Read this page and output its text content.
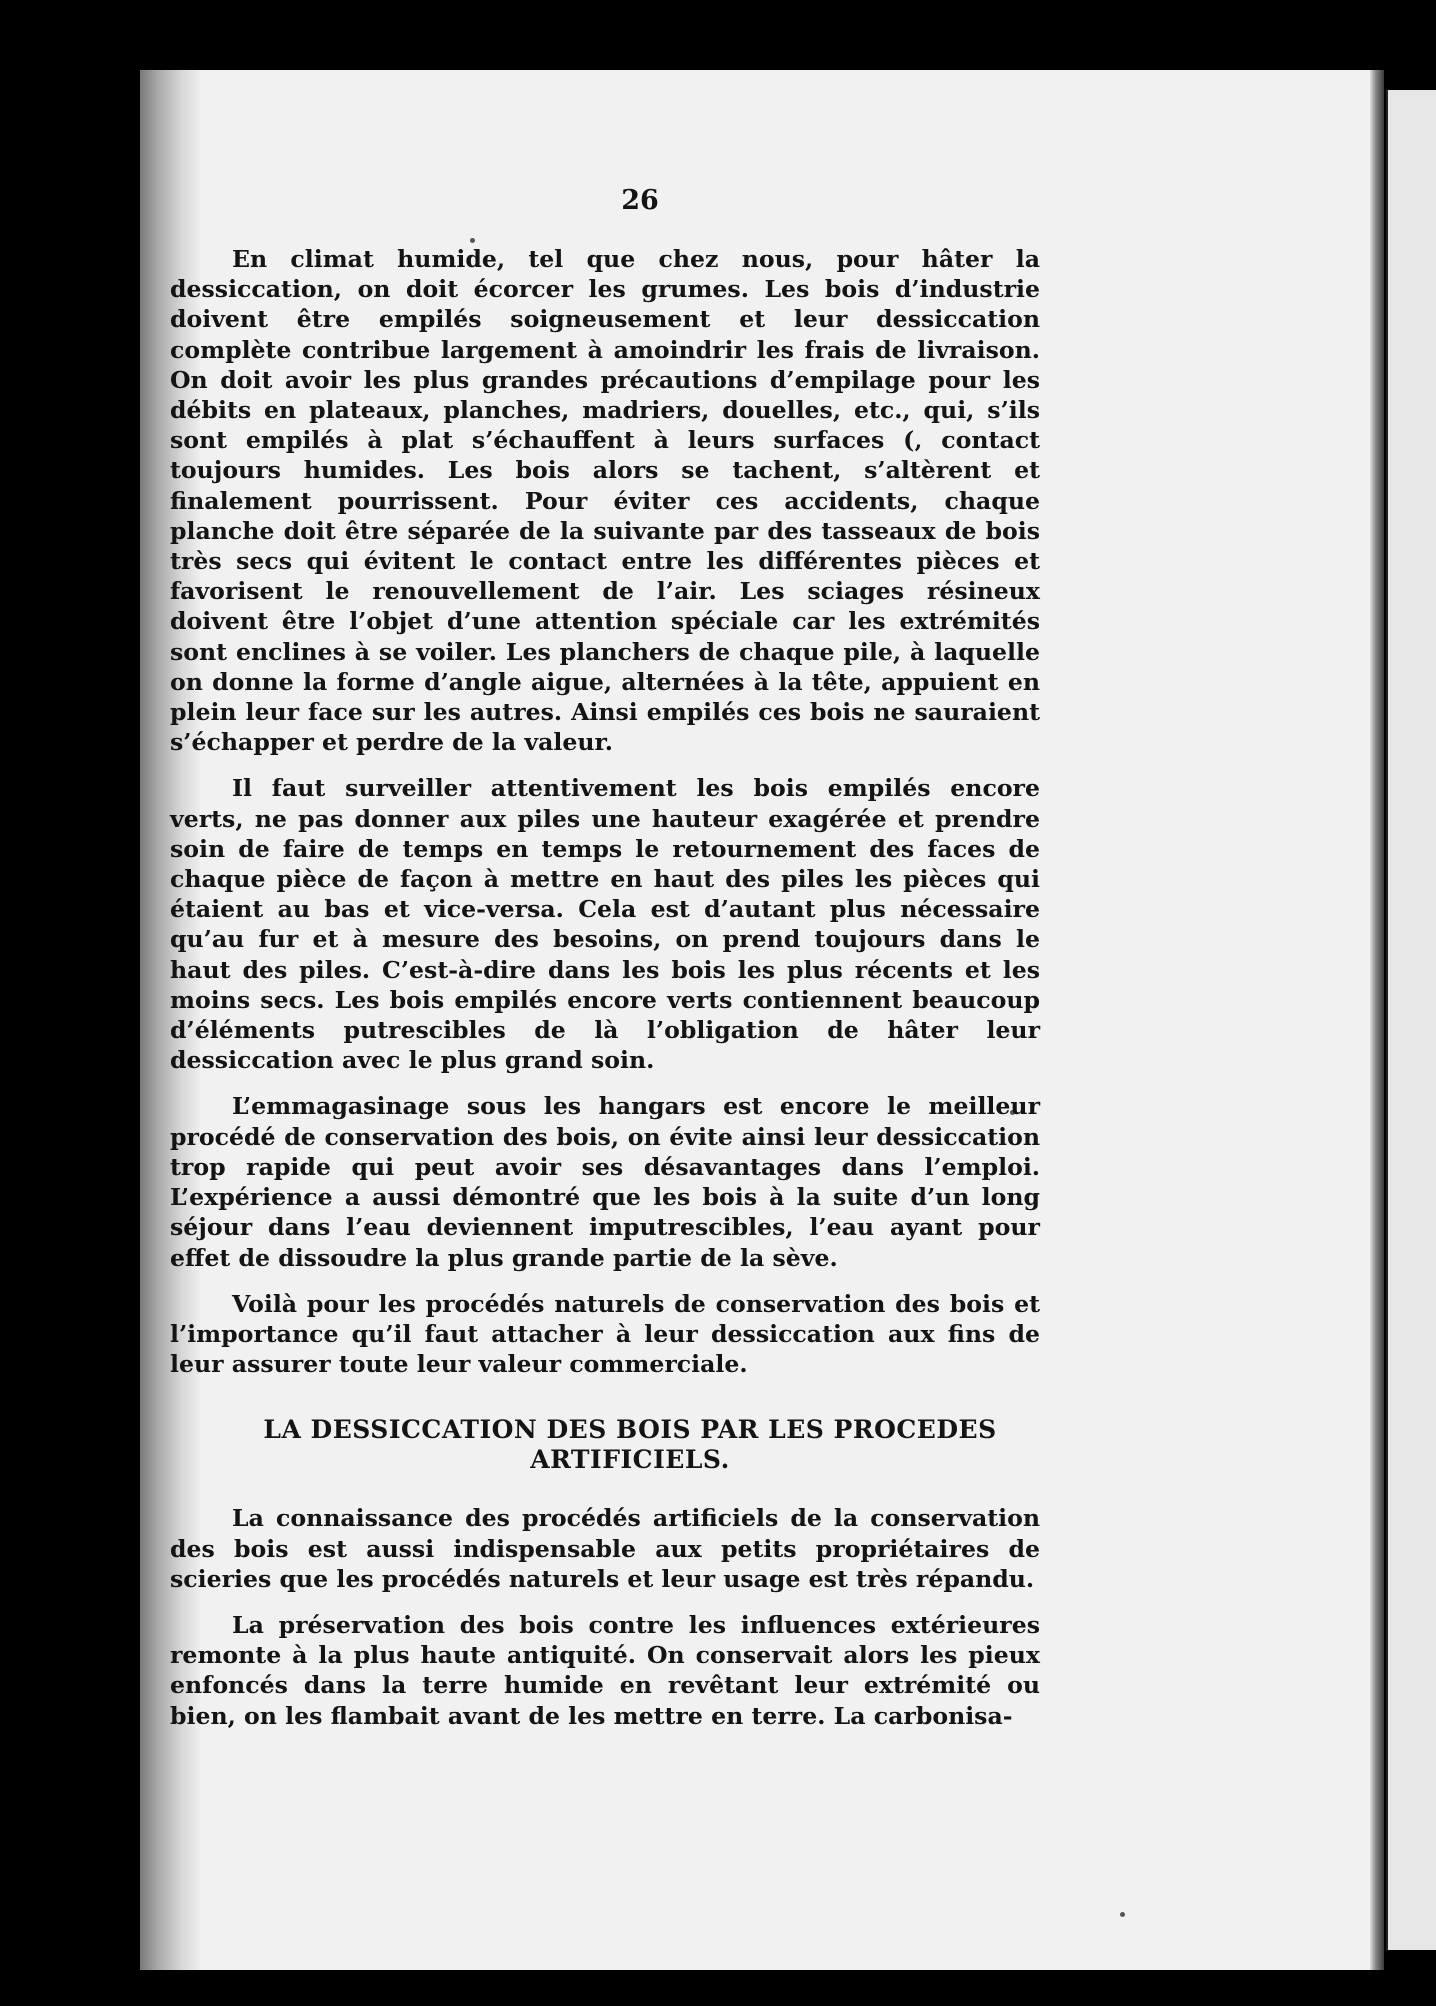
26

En climat humide, tel que chez nous, pour hâter la dessiccation, on doit écorcer les grumes. Les bois d’industrie doivent être empilés soigneusement et leur dessiccation complète contribue largement à amoindrir les frais de livraison. On doit avoir les plus grandes précautions d’empilage pour les débits en plateaux, planches, madriers, douelles, etc., qui, s’ils sont empilés à plat s’échauffent à leurs surfaces (‚ contact toujours humides. Les bois alors se tachent, s’altèrent et finalement pourrissent. Pour éviter ces accidents, chaque planche doit être séparée de la suivante par des tasseaux de bois très secs qui évitent le contact entre les différentes pièces et favorisent le renouvellement de l’air. Les sciages résineux doivent être l’objet d’une attention spéciale car les extrémités sont enclines à se voiler. Les planchers de chaque pile, à laquelle on donne la forme d’angle aigue, alternées à la tête, appuient en plein leur face sur les autres. Ainsi empilés ces bois ne sauraient s’échapper et perdre de la valeur.

Il faut surveiller attentivement les bois empilés encore verts, ne pas donner aux piles une hauteur exagérée et prendre soin de faire de temps en temps le retournement des faces de chaque pièce de façon à mettre en haut des piles les pièces qui étaient au bas et vice-versa. Cela est d’autant plus nécessaire qu’au fur et à mesure des besoins, on prend toujours dans le haut des piles. C’est-à-dire dans les bois les plus récents et les moins secs. Les bois empilés encore verts contiennent beaucoup d’éléments putrescibles de là l’obligation de hâter leur dessiccation avec le plus grand soin.

L’emmagasinage sous les hangars est encore le meilleur procédé de conservation des bois, on évite ainsi leur dessiccation trop rapide qui peut avoir ses désavantages dans l’emploi. L’expérience a aussi démontré que les bois à la suite d’un long séjour dans l’eau deviennent imputrescibles, l’eau ayant pour effet de dissoudre la plus grande partie de la sève.

Voilà pour les procédés naturels de conservation des bois et l’importance qu’il faut attacher à leur dessiccation aux fins de leur assurer toute leur valeur commerciale.

LA DESSICCATION DES BOIS PAR LES PROCEDES
ARTIFICIELS.

La connaissance des procédés artificiels de la conservation des bois est aussi indispensable aux petits propriétaires de scieries que les procédés naturels et leur usage est très répandu.

La préservation des bois contre les influences extérieures remonte à la plus haute antiquité. On conservait alors les pieux enfoncés dans la terre humide en revêtant leur extrémité ou bien, on les flambait avant de les mettre en terre. La carbonisa-
